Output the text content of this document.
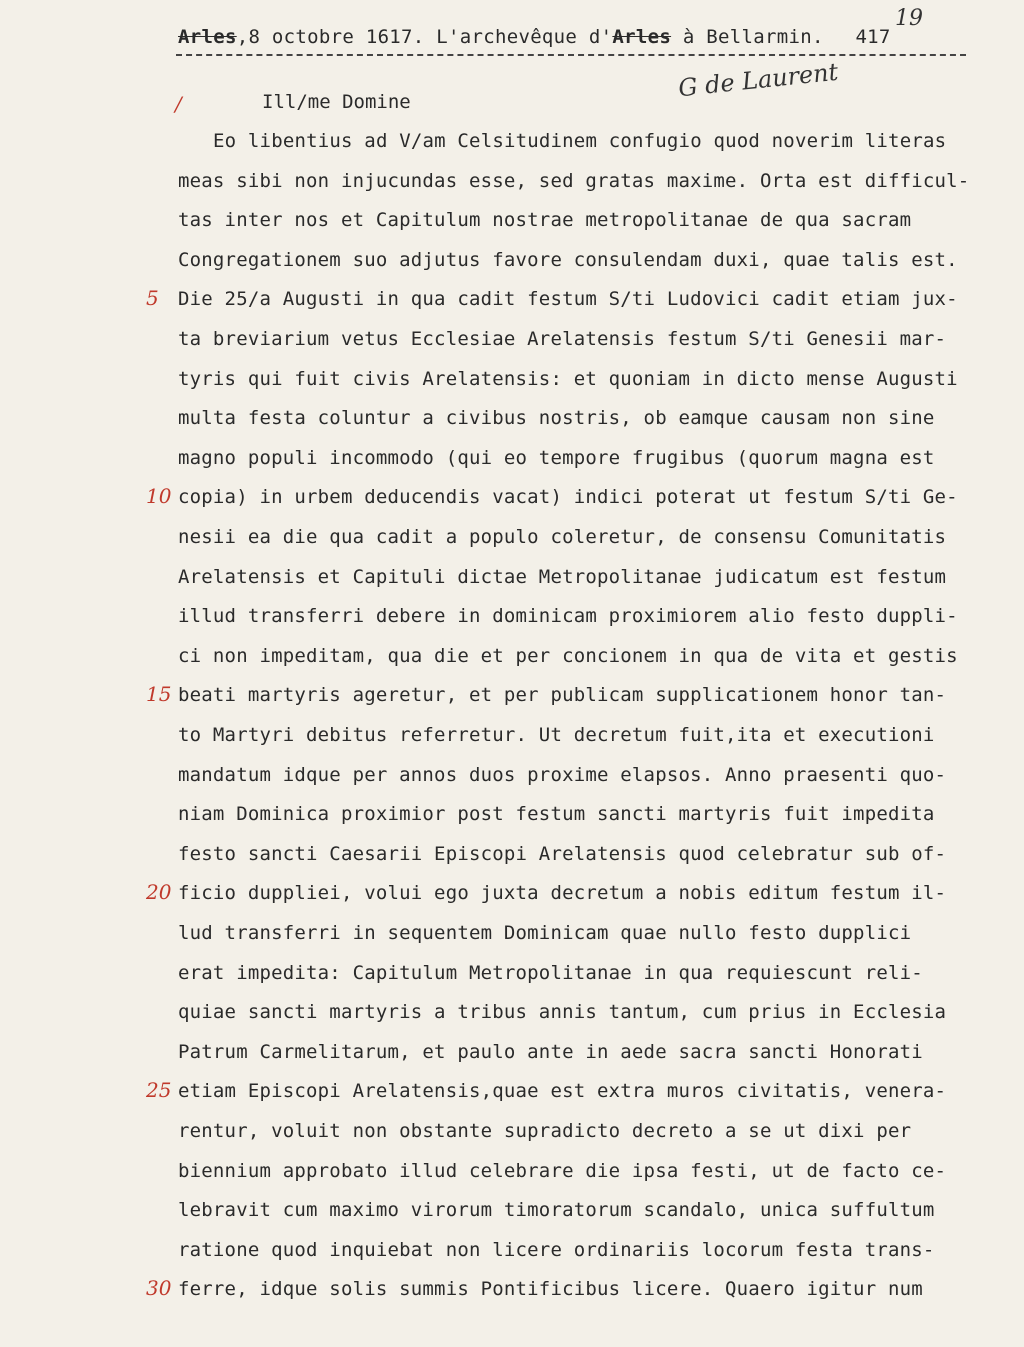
Arles,8 octobre 1617. L'archevêque d'Arles à Bellarmin. 417
19
G de Laurent
Ill/me Domine
/
5
10
15
20
25
30
Eo libentius ad V/am Celsitudinem confugio quod noverim literas
meas sibi non injucundas esse, sed gratas maxime. Orta est difficul-
tas inter nos et Capitulum nostrae metropolitanae de qua sacram
Congregationem suo adjutus favore consulendam duxi, quae talis est.
Die 25/a Augusti in qua cadit festum S/ti Ludovici cadit etiam jux-
ta breviarium vetus Ecclesiae Arelatensis festum S/ti Genesii mar-
tyris qui fuit civis Arelatensis: et quoniam in dicto mense Augusti
multa festa coluntur a civibus nostris, ob eamque causam non sine
magno populi incommodo (qui eo tempore frugibus (quorum magna est
copia) in urbem deducendis vacat) indici poterat ut festum S/ti Ge-
nesii ea die qua cadit a populo coleretur, de consensu Comunitatis
Arelatensis et Capituli dictae Metropolitanae judicatum est festum
illud transferri debere in dominicam proximiorem alio festo duppli-
ci non impeditam, qua die et per concionem in qua de vita et gestis
beati martyris ageretur, et per publicam supplicationem honor tan-
to Martyri debitus referretur. Ut decretum fuit,ita et executioni
mandatum idque per annos duos proxime elapsos. Anno praesenti quo-
niam Dominica proximior post festum sancti martyris fuit impedita
festo sancti Caesarii Episcopi Arelatensis quod celebratur sub of-
ficio duppliei, volui ego juxta decretum a nobis editum festum il-
lud transferri in sequentem Dominicam quae nullo festo dupplici
erat impedita: Capitulum Metropolitanae in qua requiescunt reli-
quiae sancti martyris a tribus annis tantum, cum prius in Ecclesia
Patrum Carmelitarum, et paulo ante in aede sacra sancti Honorati
etiam Episcopi Arelatensis,quae est extra muros civitatis, venera-
rentur, voluit non obstante supradicto decreto a se ut dixi per
biennium approbato illud celebrare die ipsa festi, ut de facto ce-
lebravit cum maximo virorum timoratorum scandalo, unica suffultum
ratione quod inquiebat non licere ordinariis locorum festa trans-
ferre, idque solis summis Pontificibus licere. Quaero igitur num
